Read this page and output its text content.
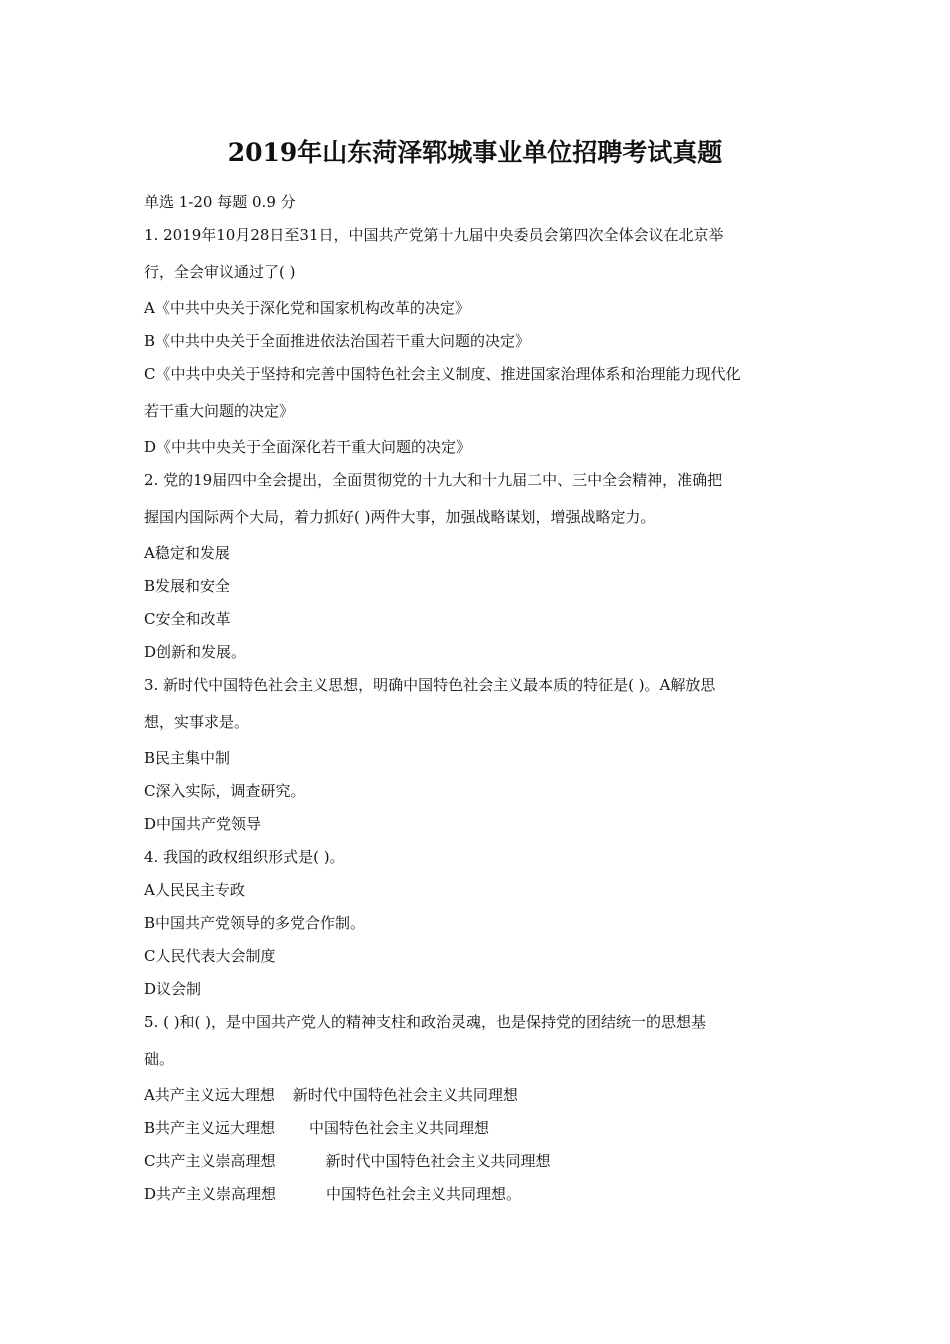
2019年山东菏泽郓城事业单位招聘考试真题
单选 1-20 每题 0.9 分
1. 2019年10月28日至31日，中国共产党第十九届中央委员会第四次全体会议在北京举
行，全会审议通过了( )
A《中共中央关于深化党和国家机构改革的决定》
B《中共中央关于全面推进依法治国若干重大问题的决定》
C《中共中央关于坚持和完善中国特色社会主义制度、推进国家治理体系和治理能力现代化
若干重大问题的决定》
D《中共中央关于全面深化若干重大问题的决定》
2. 党的19届四中全会提出，全面贯彻党的十九大和十九届二中、三中全会精神，准确把
握国内国际两个大局，着力抓好( )两件大事，加强战略谋划，增强战略定力。
A稳定和发展
B发展和安全
C安全和改革
D创新和发展。
3. 新时代中国特色社会主义思想，明确中国特色社会主义最本质的特征是( )。A解放思
想，实事求是。
B民主集中制
C深入实际，调查研究。
D中国共产党领导
4. 我国的政权组织形式是( )。
A人民民主专政
B中国共产党领导的多党合作制。
C人民代表大会制度
D议会制
5. ( )和( )，是中国共产党人的精神支柱和政治灵魂，也是保持党的团结统一的思想基
础。
A共产主义远大理想 新时代中国特色社会主义共同理想
B共产主义远大理想 中国特色社会主义共同理想
C共产主义崇高理想	新时代中国特色社会主义共同理想
D共产主义崇高理想	中国特色社会主义共同理想。
